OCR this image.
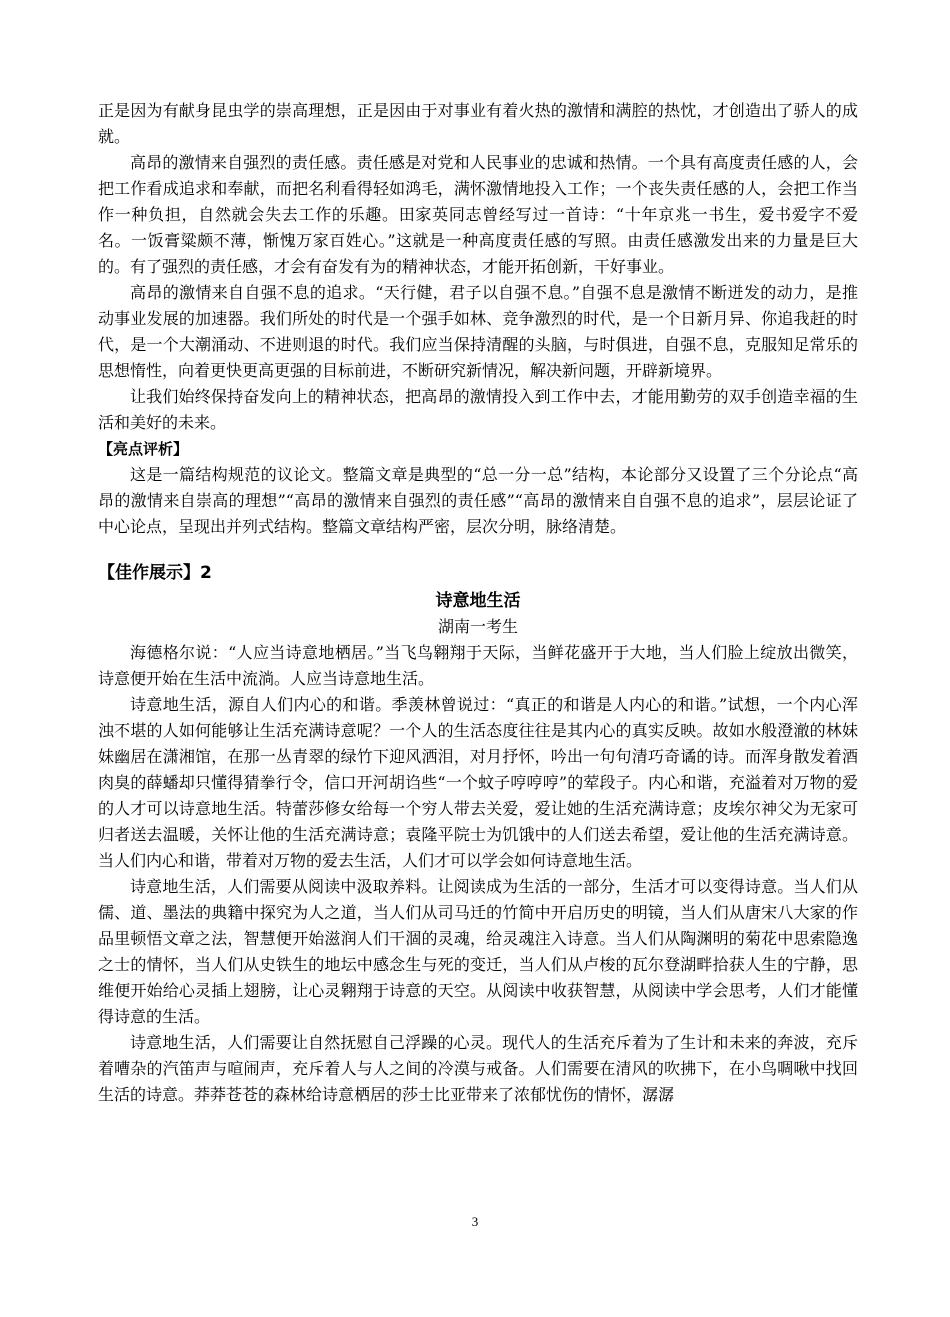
正是因为有献身昆虫学的崇高理想，正是因由于对事业有着火热的激情和满腔的热忱，才创造出了骄人的成就。

高昂的激情来自强烈的责任感。责任感是对党和人民事业的忠诚和热情。一个具有高度责任感的人，会把工作看成追求和奉献，而把名利看得轻如鸿毛，满怀激情地投入工作；一个丧失责任感的人，会把工作当作一种负担，自然就会失去工作的乐趣。田家英同志曾经写过一首诗：“十年京兆一书生，爱书爱字不爱名。一饭膏粱颇不薄，惭愧万家百姓心。”这就是一种高度责任感的写照。由责任感激发出来的力量是巨大的。有了强烈的责任感，才会有奋发有为的精神状态，才能开拓创新，干好事业。

高昂的激情来自自强不息的追求。“天行健，君子以自强不息。”自强不息是激情不断迸发的动力，是推动事业发展的加速器。我们所处的时代是一个强手如林、竞争激烈的时代，是一个日新月异、你追我赶的时代，是一个大潮涌动、不进则退的时代。我们应当保持清醒的头脑，与时俱进，自强不息，克服知足常乐的思想惰性，向着更快更高更强的目标前进，不断研究新情况，解决新问题，开辟新境界。

让我们始终保持奋发向上的精神状态，把高昂的激情投入到工作中去，才能用勤劳的双手创造幸福的生活和美好的未来。

【亮点评析】

这是一篇结构规范的议论文。整篇文章是典型的“总一分一总”结构，本论部分又设置了三个分论点“高昂的激情来自崇高的理想”“高昂的激情来自强烈的责任感”“高昂的激情来自自强不息的追求”，层层论证了中心论点，呈现出并列式结构。整篇文章结构严密，层次分明，脉络清楚。

【佳作展示】2

诗意地生活

湖南一考生

海德格尔说：“人应当诗意地栖居。”当飞鸟翱翔于天际，当鲜花盛开于大地，当人们脸上绽放出微笑，诗意便开始在生活中流淌。人应当诗意地生活。

诗意地生活，源自人们内心的和谐。季羡林曾说过：“真正的和谐是人内心的和谐。”试想，一个内心浑浊不堪的人如何能够让生活充满诗意呢？一个人的生活态度往往是其内心的真实反映。故如水般澄澈的林妹妹幽居在潇湘馆，在那一丛青翠的绿竹下迎风洒泪，对月抒怀，吟出一句句清巧奇谲的诗。而浑身散发着酒肉臭的薛蟠却只懂得猜拳行令，信口开河胡诌些“一个蚊子哼哼哼”的荤段子。内心和谐，充溢着对万物的爱的人才可以诗意地生活。特蕾莎修女给每一个穷人带去关爱，爱让她的生活充满诗意；皮埃尔神父为无家可归者送去温暖，关怀让他的生活充满诗意；袁隆平院士为饥饿中的人们送去希望，爱让他的生活充满诗意。当人们内心和谐，带着对万物的爱去生活，人们才可以学会如何诗意地生活。

诗意地生活，人们需要从阅读中汲取养料。让阅读成为生活的一部分，生活才可以变得诗意。当人们从儒、道、墨法的典籍中探究为人之道，当人们从司马迁的竹简中开启历史的明镜，当人们从唐宋八大家的作品里顿悟文章之法，智慧便开始滋润人们干涸的灵魂，给灵魂注入诗意。当人们从陶渊明的菊花中思索隐逸之士的情怀，当人们从史铁生的地坛中感念生与死的变迁，当人们从卢梭的瓦尔登湖畔拾获人生的宁静，思维便开始给心灵插上翅膀，让心灵翱翔于诗意的天空。从阅读中收获智慧，从阅读中学会思考，人们才能懂得诗意的生活。

诗意地生活，人们需要让自然抚慰自己浮躁的心灵。现代人的生活充斥着为了生计和未来的奔波，充斥着嘈杂的汽笛声与喧闹声，充斥着人与人之间的冷漠与戒备。人们需要在清风的吹拂下，在小鸟啁啾中找回生活的诗意。莽莽苍苍的森林给诗意栖居的莎士比亚带来了浓郁忧伤的情怀，潺潺

3
